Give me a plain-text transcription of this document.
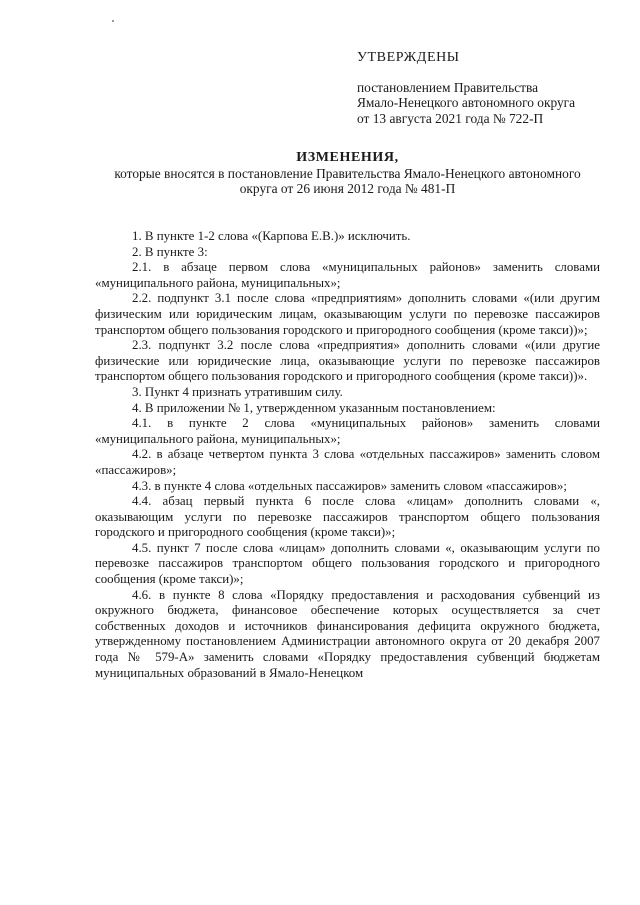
УТВЕРЖДЕНЫ
постановлением Правительства
Ямало-Ненецкого автономного округа
от 13 августа 2021 года № 722-П
ИЗМЕНЕНИЯ,
которые вносятся в постановление Правительства Ямало-Ненецкого автономного округа от 26 июня 2012 года № 481-П

1. В пункте 1-2 слова «(Карпова Е.В.)» исключить.

2. В пункте 3:

2.1. в абзаце первом слова «муниципальных районов» заменить словами «муниципального района, муниципальных»;

2.2. подпункт 3.1 после слова «предприятиям» дополнить словами «(или другим физическим или юридическим лицам, оказывающим услуги по перевозке пассажиров транспортом общего пользования городского и пригородного сообщения (кроме такси))»;

2.3. подпункт 3.2 после слова «предприятия» дополнить словами «(или другие физические или юридические лица, оказывающие услуги по перевозке пассажиров транспортом общего пользования городского и пригородного сообщения (кроме такси))».

3. Пункт 4 признать утратившим силу.

4. В приложении № 1, утвержденном указанным постановлением:

4.1. в пункте 2 слова «муниципальных районов» заменить словами «муниципального района, муниципальных»;

4.2. в абзаце четвертом пункта 3 слова «отдельных пассажиров» заменить словом «пассажиров»;

4.3. в пункте 4 слова «отдельных пассажиров» заменить словом «пассажиров»;

4.4. абзац первый пункта 6 после слова «лицам» дополнить словами «, оказывающим услуги по перевозке пассажиров транспортом общего пользования городского и пригородного сообщения (кроме такси)»;

4.5. пункт 7 после слова «лицам» дополнить словами «, оказывающим услуги по перевозке пассажиров транспортом общего пользования городского и пригородного сообщения (кроме такси)»;

4.6. в пункте 8 слова «Порядку предоставления и расходования субвенций из окружного бюджета, финансовое обеспечение которых осуществляется за счет собственных доходов и источников финансирования дефицита окружного бюджета, утвержденному постановлением Администрации автономного округа от 20 декабря 2007 года № 579-А» заменить словами «Порядку предоставления субвенций бюджетам муниципальных образований в Ямало-Ненецком
